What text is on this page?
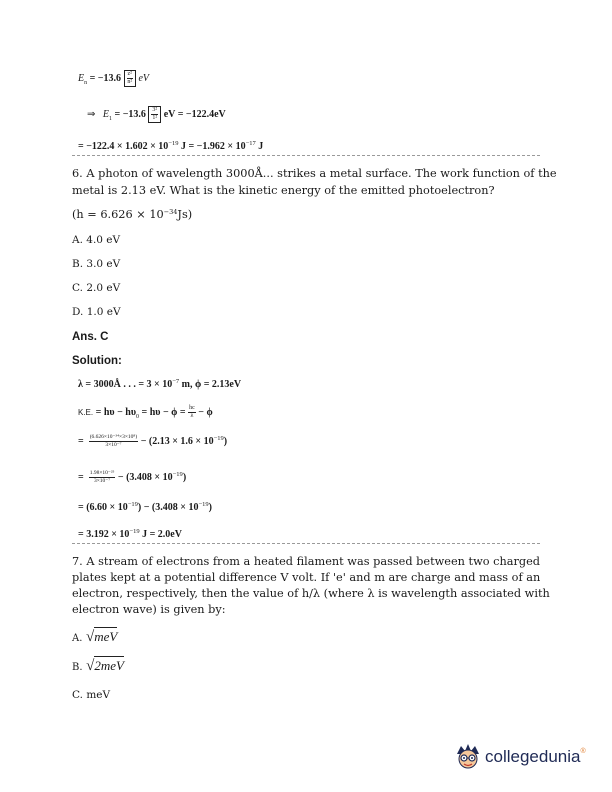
$E_n = -13.6 \frac{\text{z²}}{\text{n²}}$ eV
⇒ $E_1 = -13.6 \frac{\text{3²}}{\text{1²}}$ eV = −122.4eV
= $-122.4 \times 1.602 \times 10^{-19}$ $J = -1.962 \times 10^{-17}$ J
6. A photon of wavelength 3000Å... strikes a metal surface. The work function of the
metal is 2.13 eV. What is the kinetic energy of the emitted photoelectron?
$(h = 6.626 \times 10^{-34}Js)$
A. 4.0 eV
B. 3.0 eV
C. 2.0 eV
D. 1.0 eV
Ans. C
Solution:
λ = 3000Å . . . = $3 \times 10^{-7}$ m, ϕ = 2.13eV
K.E. = $h\upsilon - h\upsilon_0 = h\upsilon - \phi = \frac{hc}{\lambda} - \phi$
= $\frac{\text{(6.626×10⁻³⁴×3×10⁸)}}{\text{3×10⁻⁷}} - (2.13 \times 1.6 \times 10^{-19})$
= $\frac{\text{1.98×10⁻²⁵}}{\text{3×10⁻⁷}} - (3.408 \times 10^{-19})$
= $(6.60 \times 10^{-19}) - (3.408 \times 10^{-19})$
= $3.192 \times 10^{-19}$ J = 2.0eV
7. A stream of electrons from a heated filament was passed between two charged
plates kept at a potential difference V volt. If 'e' and m are charge and mass of an
electron, respectively, then the value of h/λ (where λ is wavelength associated with
electron wave) is given by:
A. √meV
B. √2meV
C. meV
collegedunia ®
